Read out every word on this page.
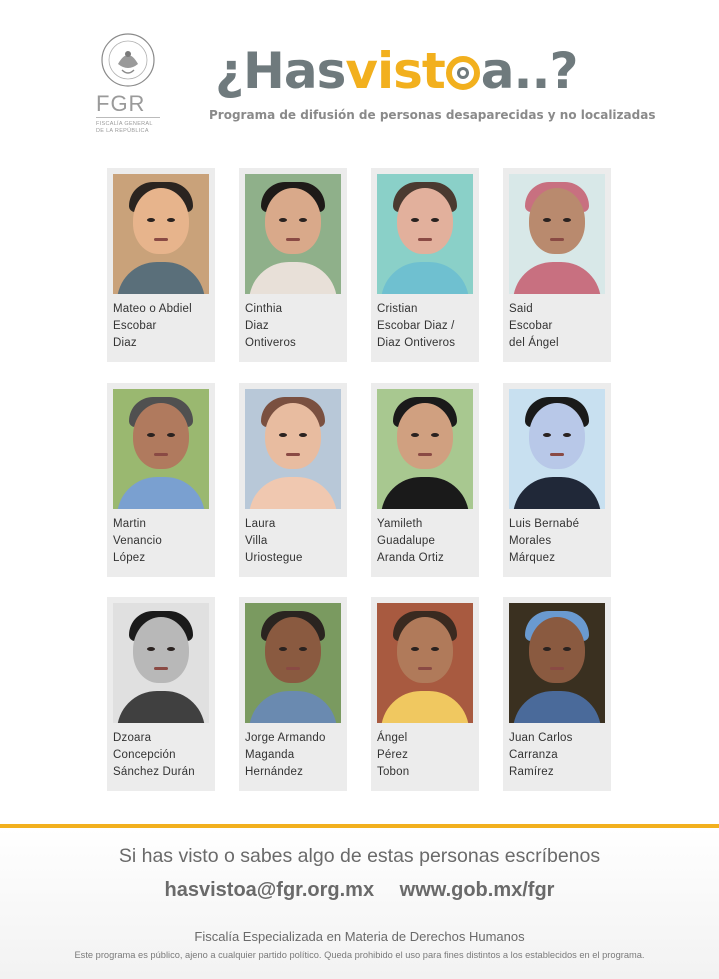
FGR
FISCALÍA GENERAL DE LA REPÚBLICA
¿Hasvist a..?
Programa de difusión de personas desaparecidas y no localizadas
Mateo o Abdiel
Escobar
Diaz
Cinthia
Diaz
Ontiveros
Cristian
Escobar Diaz /
Diaz Ontiveros
Said
Escobar
del Ángel
Martin
Venancio
López
Laura
Villa
Uriostegue
Yamileth
Guadalupe
Aranda Ortiz
Luis Bernabé
Morales
Márquez
Dzoara
Concepción
Sánchez Durán
Jorge Armando
Maganda
Hernández
Ángel
Pérez
Tobon
Juan Carlos
Carranza
Ramírez
Si has visto o sabes algo de estas personas escríbenos
hasvistoa@fgr.org.mx www.gob.mx/fgr
Fiscalía Especializada en Materia de Derechos Humanos
Este programa es público, ajeno a cualquier partido político. Queda prohibido el uso para fines distintos a los establecidos en el programa.
